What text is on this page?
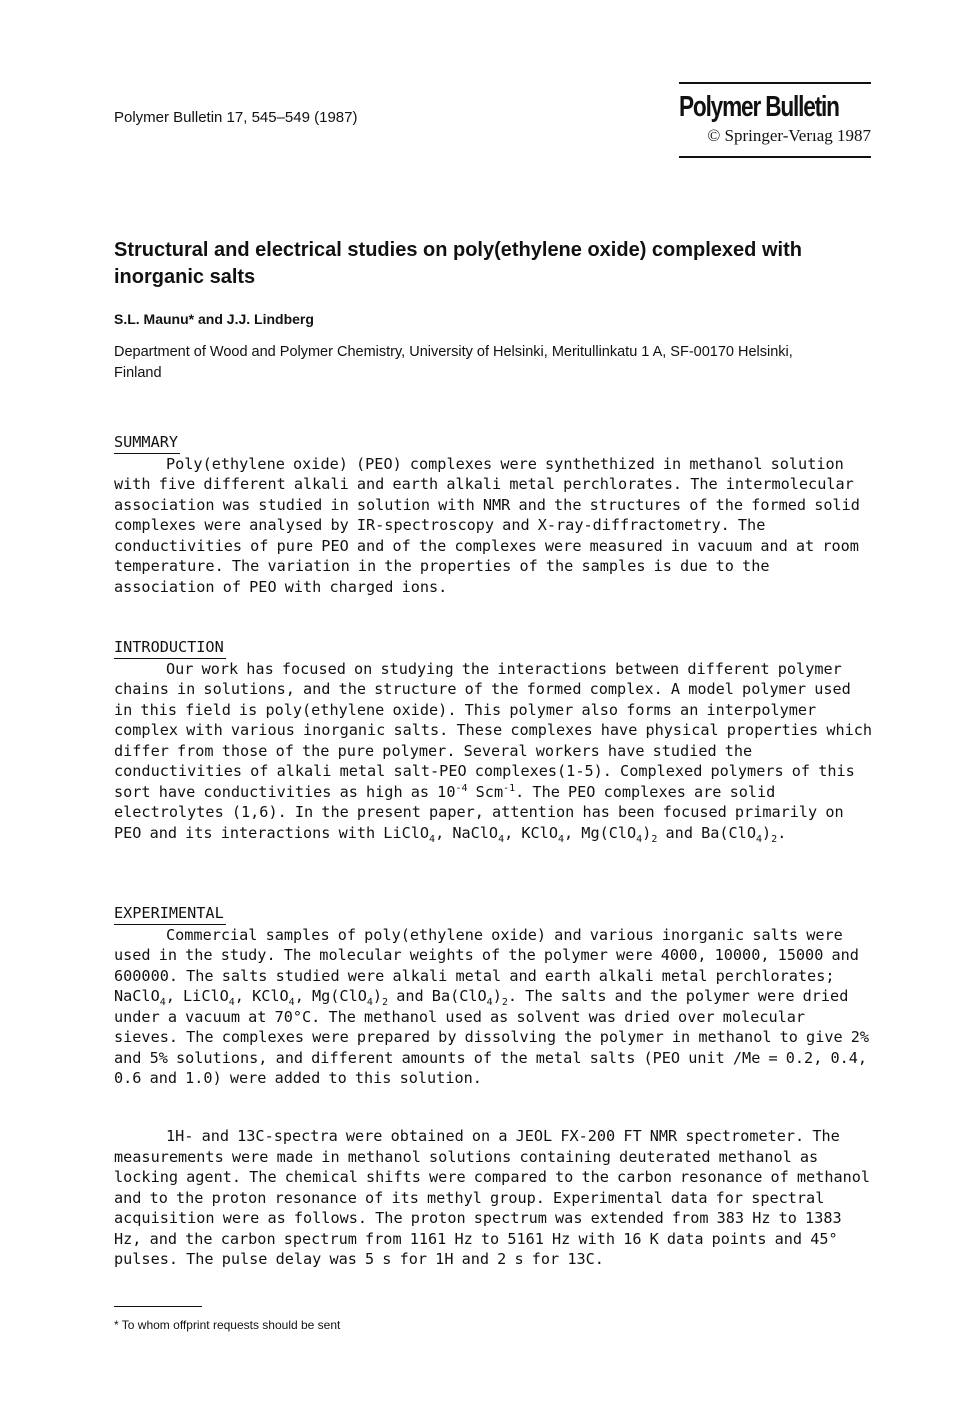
Polymer Bulletin 17, 545–549 (1987)	Polymer Bulletin
© Springer-Verıag 1987
Structural and electrical studies on poly(ethylene oxide) complexed with inorganic salts
S.L. Maunu* and J.J. Lindberg
Department of Wood and Polymer Chemistry, University of Helsinki, Meritullinkatu 1 A, SF-00170 Helsinki, Finland
SUMMARY

Poly(ethylene oxide) (PEO) complexes were synthethized in methanol solution with five different alkali and earth alkali metal perchlorates. The intermolecular association was studied in solution with NMR and the structures of the formed solid complexes were analysed by IR-spectroscopy and X-ray-diffractometry. The conductivities of pure PEO and of the complexes were measured in vacuum and at room temperature. The variation in the properties of the samples is due to the association of PEO with charged ions.

INTRODUCTION

Our work has focused on studying the interactions between different polymer chains in solutions, and the structure of the formed complex. A model polymer used in this field is poly(ethylene oxide). This polymer also forms an interpolymer complex with various inorganic salts. These complexes have physical properties which differ from those of the pure polymer. Several workers have studied the conductivities of alkali metal salt-PEO complexes(1-5). Complexed polymers of this sort have conductivities as high as $10^{-4}$ Scm$^{-1}$. The PEO complexes are solid electrolytes (1,6). In the present paper, attention has been focused primarily on PEO and its interactions with LiClO$_4$, NaClO$_4$, KClO$_4$, $Mg(ClO_4)_2$ and $Ba(ClO_4)_2$.

EXPERIMENTAL

Commercial samples of poly(ethylene oxide) and various inorganic salts were used in the study. The molecular weights of the polymer were 4000, 10000, 15000 and 600000. The salts studied were alkali metal and earth alkali metal perchlorates; NaClO$_4$, LiClO$_4$, KClO$_4$, $Mg(ClO_4)_2$ and $Ba(ClO_4)_2$. The salts and the polymer were dried under a vacuum at 70°C. The methanol used as solvent was dried over molecular sieves. The complexes were prepared by dissolving the polymer in methanol to give 2% and 5% solutions, and different amounts of the metal salts (PEO unit /Me = 0.2, 0.4, 0.6 and 1.0) were added to this solution.

1H- and 13C-spectra were obtained on a JEOL FX-200 FT NMR spectrometer. The measurements were made in methanol solutions containing deuterated methanol as locking agent. The chemical shifts were compared to the carbon resonance of methanol and to the proton resonance of its methyl group. Experimental data for spectral acquisition were as follows. The proton spectrum was extended from 383 Hz to 1383 Hz, and the carbon spectrum from 1161 Hz to 5161 Hz with 16 K data points and 45° pulses. The pulse delay was 5 s for 1H and 2 s for 13C.

* To whom offprint requests should be sent
